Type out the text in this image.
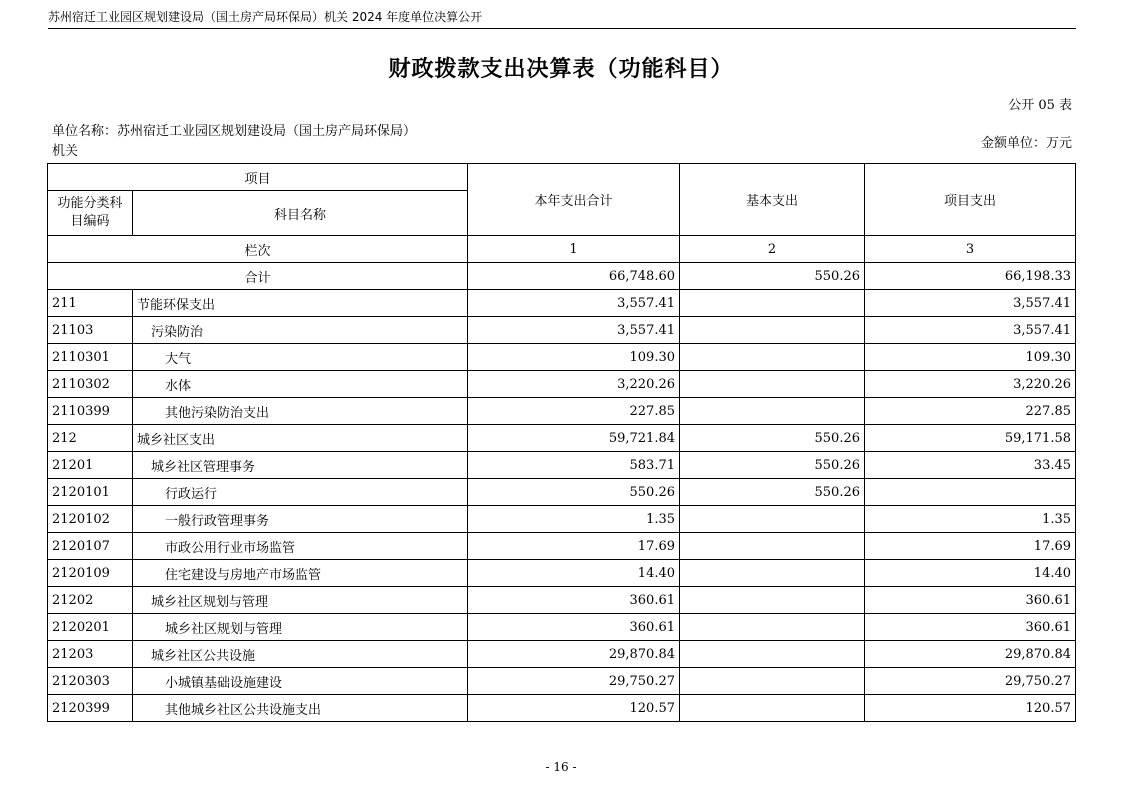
苏州宿迁工业园区规划建设局（国土房产局环保局）机关 2024 年度单位决算公开
财政拨款支出决算表（功能科目）
公开 05 表
单位名称：苏州宿迁工业园区规划建设局（国土房产局环保局）
机关
金额单位：万元
项目		本年支出合计	基本支出	项目支出
功能分类科目编码	科目名称			
栏次		1	2	3
合计		66,748.60	550.26	66,198.33
211	节能环保支出	3,557.41		3,557.41
21103	污染防治	3,557.41		3,557.41
2110301	大气	109.30		109.30
2110302	水体	3,220.26		3,220.26
2110399	其他污染防治支出	227.85		227.85
212	城乡社区支出	59,721.84	550.26	59,171.58
21201	城乡社区管理事务	583.71	550.26	33.45
2120101	行政运行	550.26	550.26	
2120102	一般行政管理事务	1.35		1.35
2120107	市政公用行业市场监管	17.69		17.69
2120109	住宅建设与房地产市场监管	14.40		14.40
21202	城乡社区规划与管理	360.61		360.61
2120201	城乡社区规划与管理	360.61		360.61
21203	城乡社区公共设施	29,870.84		29,870.84
2120303	小城镇基础设施建设	29,750.27		29,750.27
2120399	其他城乡社区公共设施支出	120.57		120.57
- 16 -
